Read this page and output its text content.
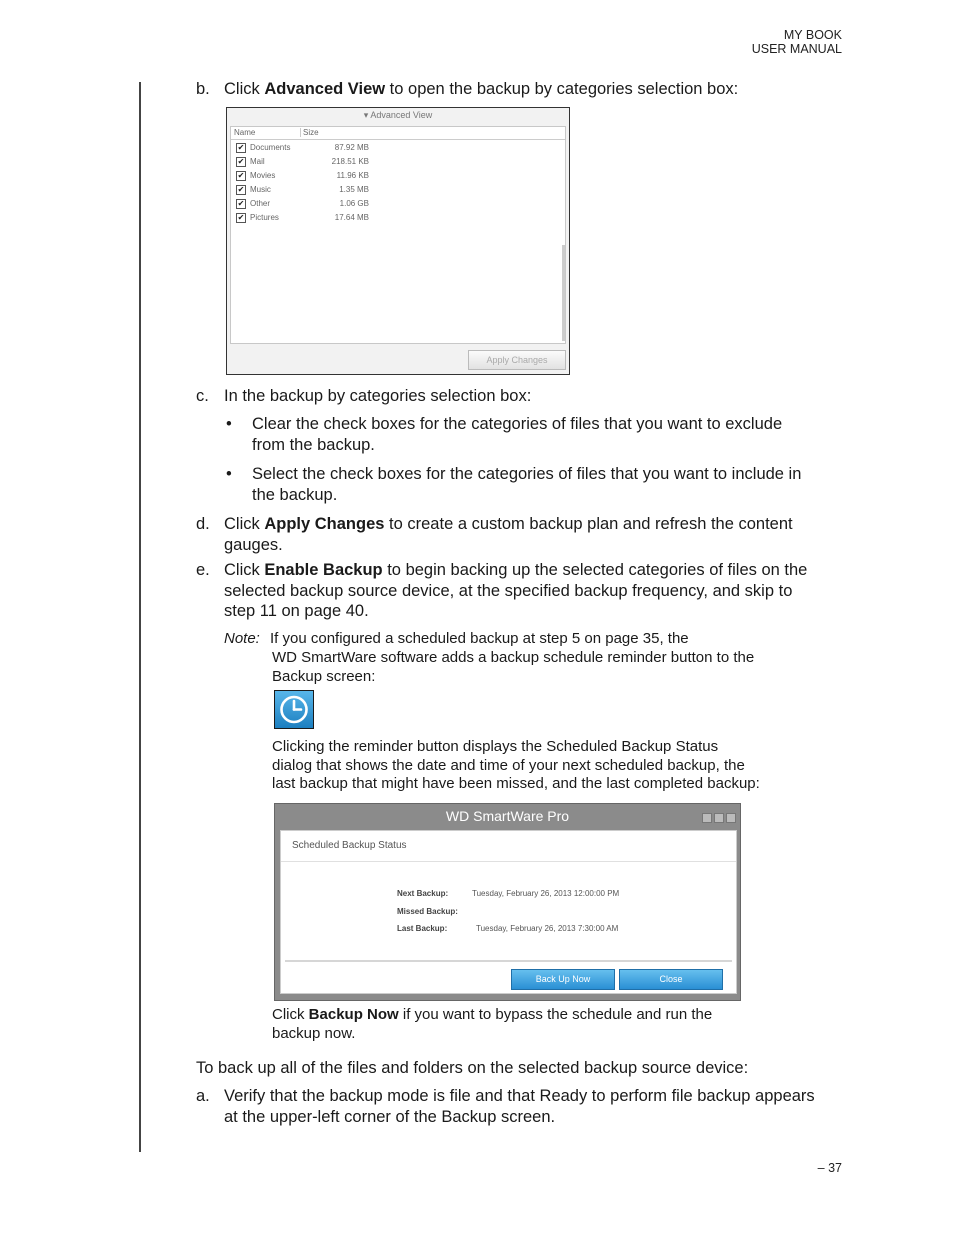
MY BOOK
USER MANUAL
b. Click Advanced View to open the backup by categories selection box:
▾ Advanced View
Name	Size
✔ Documents	87.92 MB
✔ Mail	218.51 KB
✔ Movies	11.96 KB
✔ Music	1.35 MB
✔ Other	1.06 GB
✔ Pictures	17.64 MB
Apply Changes
c. In the backup by categories selection box:
• Clear the check boxes for the categories of files that you want to exclude
from the backup.
• Select the check boxes for the categories of files that you want to include in
the backup.
d. Click Apply Changes to create a custom backup plan and refresh the content
gauges.
e. Click Enable Backup to begin backing up the selected categories of files on the
selected backup source device, at the specified backup frequency, and skip to
step 11 on page 40.
Note: If you configured a scheduled backup at step 5 on page 35, the
WD SmartWare software adds a backup schedule reminder button to the
Backup screen:
Clicking the reminder button displays the Scheduled Backup Status
dialog that shows the date and time of your next scheduled backup, the
last backup that might have been missed, and the last completed backup:
WD SmartWare Pro
Scheduled Backup Status
Next Backup:	Tuesday, February 26, 2013 12:00:00 PM
Missed Backup:
Last Backup:	Tuesday, February 26, 2013 7:30:00 AM
Back Up Now	Close
Click Backup Now if you want to bypass the schedule and run the
backup now.
To back up all of the files and folders on the selected backup source device:
a. Verify that the backup mode is file and that Ready to perform file backup appears
at the upper-left corner of the Backup screen.
– 37
